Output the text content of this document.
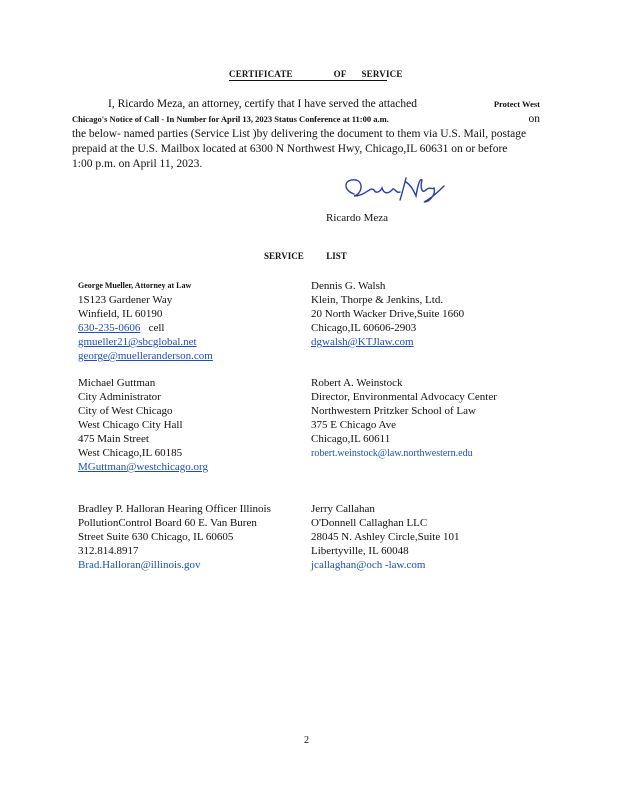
CERTIFICATE	OF SERVICE
I, Ricardo Meza, an attorney, certify that I have served the attached	Protect West
Chicago's Notice of Call - In Number for April 13, 2023 Status Conference at 11:00 a.m.	on
the below- named parties (Service List )by delivering the document to them via U.S. Mail, postage
prepaid at the U.S. Mailbox located at 6300 N Northwest Hwy, Chicago,IL 60631 on or before
1:00 p.m. on April 11, 2023.
Ricardo Meza
SERVICE          LIST
George Mueller, Attorney at Law
1S123 Gardener Way
Winfield, IL 60190
630-235-0606   cell
gmueller21@sbcglobal.net
george@muelleranderson.com
Michael Guttman
City Administrator
City of West Chicago
West Chicago City Hall
475 Main Street
West Chicago,IL 60185
MGuttman@westchicago.org
Bradley P. Halloran Hearing Officer Illinois
PollutionControl Board 60 E. Van Buren
Street Suite 630 Chicago, IL 60605
312.814.8917
Brad.Halloran@illinois.gov
Dennis G. Walsh
Klein, Thorpe & Jenkins, Ltd.
20 North Wacker Drive,Suite 1660
Chicago,IL 60606-2903
dgwalsh@KTJlaw.com
Robert A. Weinstock
Director, Environmental Advocacy Center
Northwestern Pritzker School of Law
375 E Chicago Ave
Chicago,IL 60611
robert.weinstock@law.northwestern.edu
Jerry Callahan
O'Donnell Callaghan LLC
28045 N. Ashley Circle,Suite 101
Libertyville, IL 60048
jcallaghan@och -law.com
2
